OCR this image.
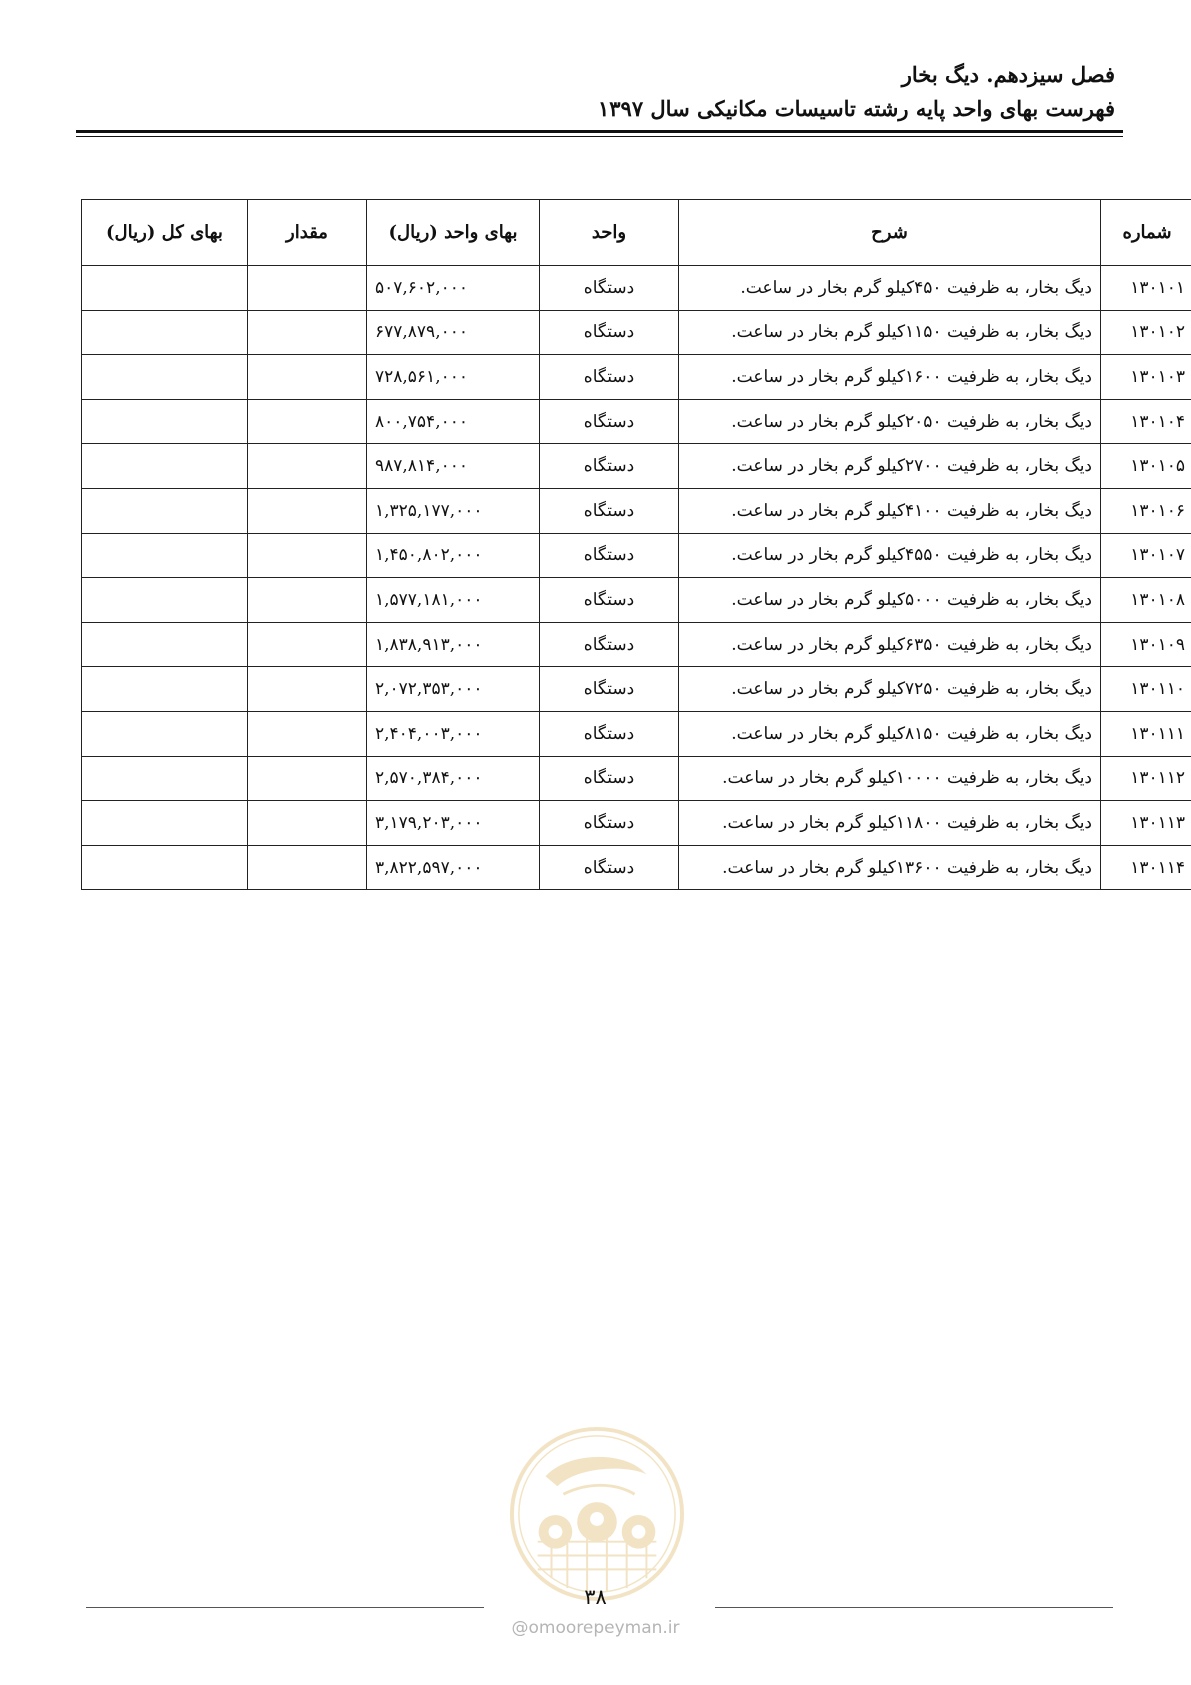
فصل سیزدهم. دیگ بخار
فهرست بهای واحد پایه رشته تاسیسات مکانیکی سال ۱۳۹۷
شماره	شرح	واحد	بهای واحد (ریال)	مقدار	بهای کل (ریال)
۱۳۰۱۰۱	دیگ بخار، به ظرفیت ۴۵۰کیلو گرم بخار در ساعت.	دستگاه	۵۰۷,۶۰۲,۰۰۰		
۱۳۰۱۰۲	دیگ بخار، به ظرفیت ۱۱۵۰کیلو گرم بخار در ساعت.	دستگاه	۶۷۷,۸۷۹,۰۰۰		
۱۳۰۱۰۳	دیگ بخار، به ظرفیت ۱۶۰۰کیلو گرم بخار در ساعت.	دستگاه	۷۲۸,۵۶۱,۰۰۰		
۱۳۰۱۰۴	دیگ بخار، به ظرفیت ۲۰۵۰کیلو گرم بخار در ساعت.	دستگاه	۸۰۰,۷۵۴,۰۰۰		
۱۳۰۱۰۵	دیگ بخار، به ظرفیت ۲۷۰۰کیلو گرم بخار در ساعت.	دستگاه	۹۸۷,۸۱۴,۰۰۰		
۱۳۰۱۰۶	دیگ بخار، به ظرفیت ۴۱۰۰کیلو گرم بخار در ساعت.	دستگاه	۱,۳۲۵,۱۷۷,۰۰۰		
۱۳۰۱۰۷	دیگ بخار، به ظرفیت ۴۵۵۰کیلو گرم بخار در ساعت.	دستگاه	۱,۴۵۰,۸۰۲,۰۰۰		
۱۳۰۱۰۸	دیگ بخار، به ظرفیت ۵۰۰۰کیلو گرم بخار در ساعت.	دستگاه	۱,۵۷۷,۱۸۱,۰۰۰		
۱۳۰۱۰۹	دیگ بخار، به ظرفیت ۶۳۵۰کیلو گرم بخار در ساعت.	دستگاه	۱,۸۳۸,۹۱۳,۰۰۰		
۱۳۰۱۱۰	دیگ بخار، به ظرفیت ۷۲۵۰کیلو گرم بخار در ساعت.	دستگاه	۲,۰۷۲,۳۵۳,۰۰۰		
۱۳۰۱۱۱	دیگ بخار، به ظرفیت ۸۱۵۰کیلو گرم بخار در ساعت.	دستگاه	۲,۴۰۴,۰۰۳,۰۰۰		
۱۳۰۱۱۲	دیگ بخار، به ظرفیت ۱۰۰۰۰کیلو گرم بخار در ساعت.	دستگاه	۲,۵۷۰,۳۸۴,۰۰۰		
۱۳۰۱۱۳	دیگ بخار، به ظرفیت ۱۱۸۰۰کیلو گرم بخار در ساعت.	دستگاه	۳,۱۷۹,۲۰۳,۰۰۰		
۱۳۰۱۱۴	دیگ بخار، به ظرفیت ۱۳۶۰۰کیلو گرم بخار در ساعت.	دستگاه	۳,۸۲۲,۵۹۷,۰۰۰		
۳۸
@omoorepeyman.ir
